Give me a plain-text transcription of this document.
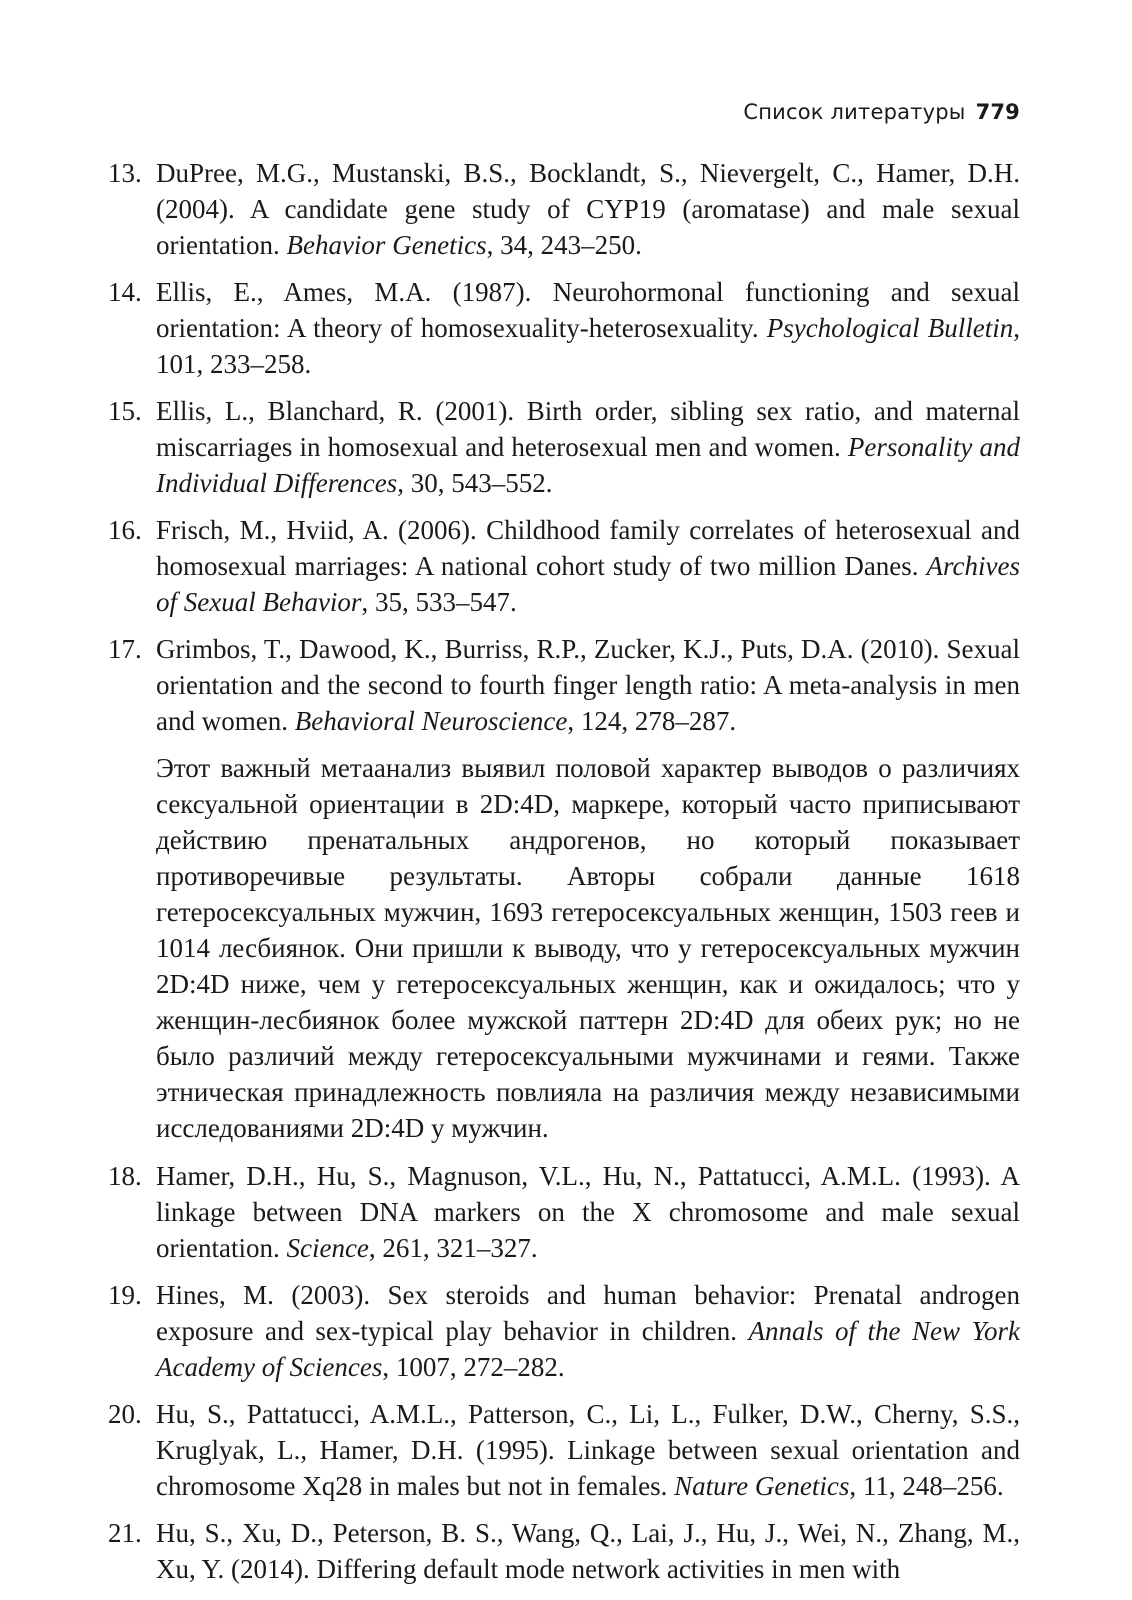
Список литературы 779
13. DuPree, M.G., Mustanski, B.S., Bocklandt, S., Nievergelt, C., Hamer, D.H. (2004). A candidate gene study of CYP19 (aromatase) and male sexual orientation. Behavior Genetics, 34, 243–250.
14. Ellis, E., Ames, M.A. (1987). Neurohormonal functioning and sexual orientation: A theory of homosexuality-heterosexuality. Psychological Bulletin, 101, 233–258.
15. Ellis, L., Blanchard, R. (2001). Birth order, sibling sex ratio, and maternal miscarriages in homosexual and heterosexual men and women. Personality and Individual Differences, 30, 543–552.
16. Frisch, M., Hviid, A. (2006). Childhood family correlates of heterosexual and homosexual marriages: A national cohort study of two million Danes. Archives of Sexual Behavior, 35, 533–547.
17. Grimbos, T., Dawood, K., Burriss, R.P., Zucker, K.J., Puts, D.A. (2010). Sexual orientation and the second to fourth finger length ratio: A meta-analysis in men and women. Behavioral Neuroscience, 124, 278–287.
Этот важный метаанализ выявил половой характер выводов о различиях сексуальной ориентации в 2D:4D, маркере, который часто приписывают действию пренатальных андрогенов, но который показывает противоречивые результаты. Авторы собрали данные 1618 гетеросексуальных мужчин, 1693 гетеросексуальных женщин, 1503 геев и 1014 лесбиянок. Они пришли к выводу, что у гетеросексуальных мужчин 2D:4D ниже, чем у гетеросексуальных женщин, как и ожидалось; что у женщин-лесбиянок более мужской паттерн 2D:4D для обеих рук; но не было различий между гетеросексуальными мужчинами и геями. Также этническая принадлежность повлияла на различия между независимыми исследованиями 2D:4D у мужчин.
18. Hamer, D.H., Hu, S., Magnuson, V.L., Hu, N., Pattatucci, A.M.L. (1993). A linkage between DNA markers on the X chromosome and male sexual orientation. Science, 261, 321–327.
19. Hines, M. (2003). Sex steroids and human behavior: Prenatal androgen exposure and sex-typical play behavior in children. Annals of the New York Academy of Sciences, 1007, 272–282.
20. Hu, S., Pattatucci, A.M.L., Patterson, C., Li, L., Fulker, D.W., Cherny, S.S., Kruglyak, L., Hamer, D.H. (1995). Linkage between sexual orientation and chromosome Xq28 in males but not in females. Nature Genetics, 11, 248–256.
21. Hu, S., Xu, D., Peterson, B. S., Wang, Q., Lai, J., Hu, J., Wei, N., Zhang, M., Xu, Y. (2014). Differing default mode network activities in men with
